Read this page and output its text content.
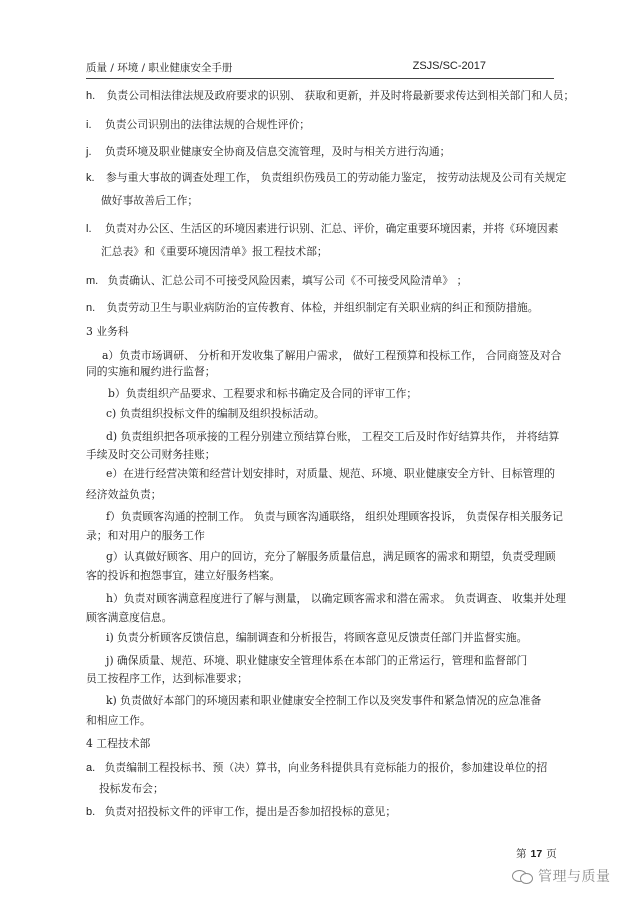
质量 / 环境 / 职业健康安全手册	ZSJS/SC-2017
h. 负责公司相法律法规及政府要求的识别、 获取和更新，并及时将最新要求传达到相关部门和人员；
i. 负责公司识别出的法律法规的合规性评价；
j. 负责环境及职业健康安全协商及信息交流管理，及时与相关方进行沟通；
k. 参与重大事故的调查处理工作， 负责组织伤残员工的劳动能力鉴定， 按劳动法规及公司有关规定
做好事故善后工作；
l. 负责对办公区、生活区的环境因素进行识别、汇总、评价，确定重要环境因素，并将《环境因素
汇总表》和《重要环境因清单》报工程技术部；
m. 负责确认、汇总公司不可接受风险因素，填写公司《不可接受风险清单》 ；
n. 负责劳动卫生与职业病防治的宣传教育、体检，并组织制定有关职业病的纠正和预防措施。
3 业务科
a）负责市场调研、 分析和开发收集了解用户需求， 做好工程预算和投标工作， 合同商签及对合
同的实施和履约进行监督；
b）负责组织产品要求、工程要求和标书确定及合同的评审工作；
c) 负责组织投标文件的编制及组织投标活动。
d) 负责组织把各项承接的工程分别建立预结算台账， 工程交工后及时作好结算共作， 并将结算
手续及时交公司财务挂账；
e）在进行经营决策和经营计划安排时，对质量、规范、环境、职业健康安全方针、目标管理的
经济效益负责；
f）负责顾客沟通的控制工作。 负责与顾客沟通联络， 组织处理顾客投诉， 负责保存相关服务记
录；和对用户的服务工作
g）认真做好顾客、用户的回访，充分了解服务质量信息，满足顾客的需求和期望，负责受理顾
客的投诉和抱怨事宜，建立好服务档案。
h）负责对顾客满意程度进行了解与测量， 以确定顾客需求和潜在需求。 负责调查、 收集并处理
顾客满意度信息。
i) 负责分析顾客反馈信息，编制调查和分析报告，将顾客意见反馈责任部门并监督实施。
j) 确保质量、规范、环境、职业健康安全管理体系在本部门的正常运行，管理和监督部门
员工按程序工作，达到标准要求；
k) 负责做好本部门的环境因素和职业健康安全控制工作以及突发事件和紧急情况的应急准备
和相应工作。
4 工程技术部
a. 负责编制工程投标书、预（决）算书，向业务科提供具有竞标能力的报价，参加建设单位的招
投标发布会；
b. 负责对招投标文件的评审工作，提出是否参加招投标的意见；
第 17 页
管理与质量
